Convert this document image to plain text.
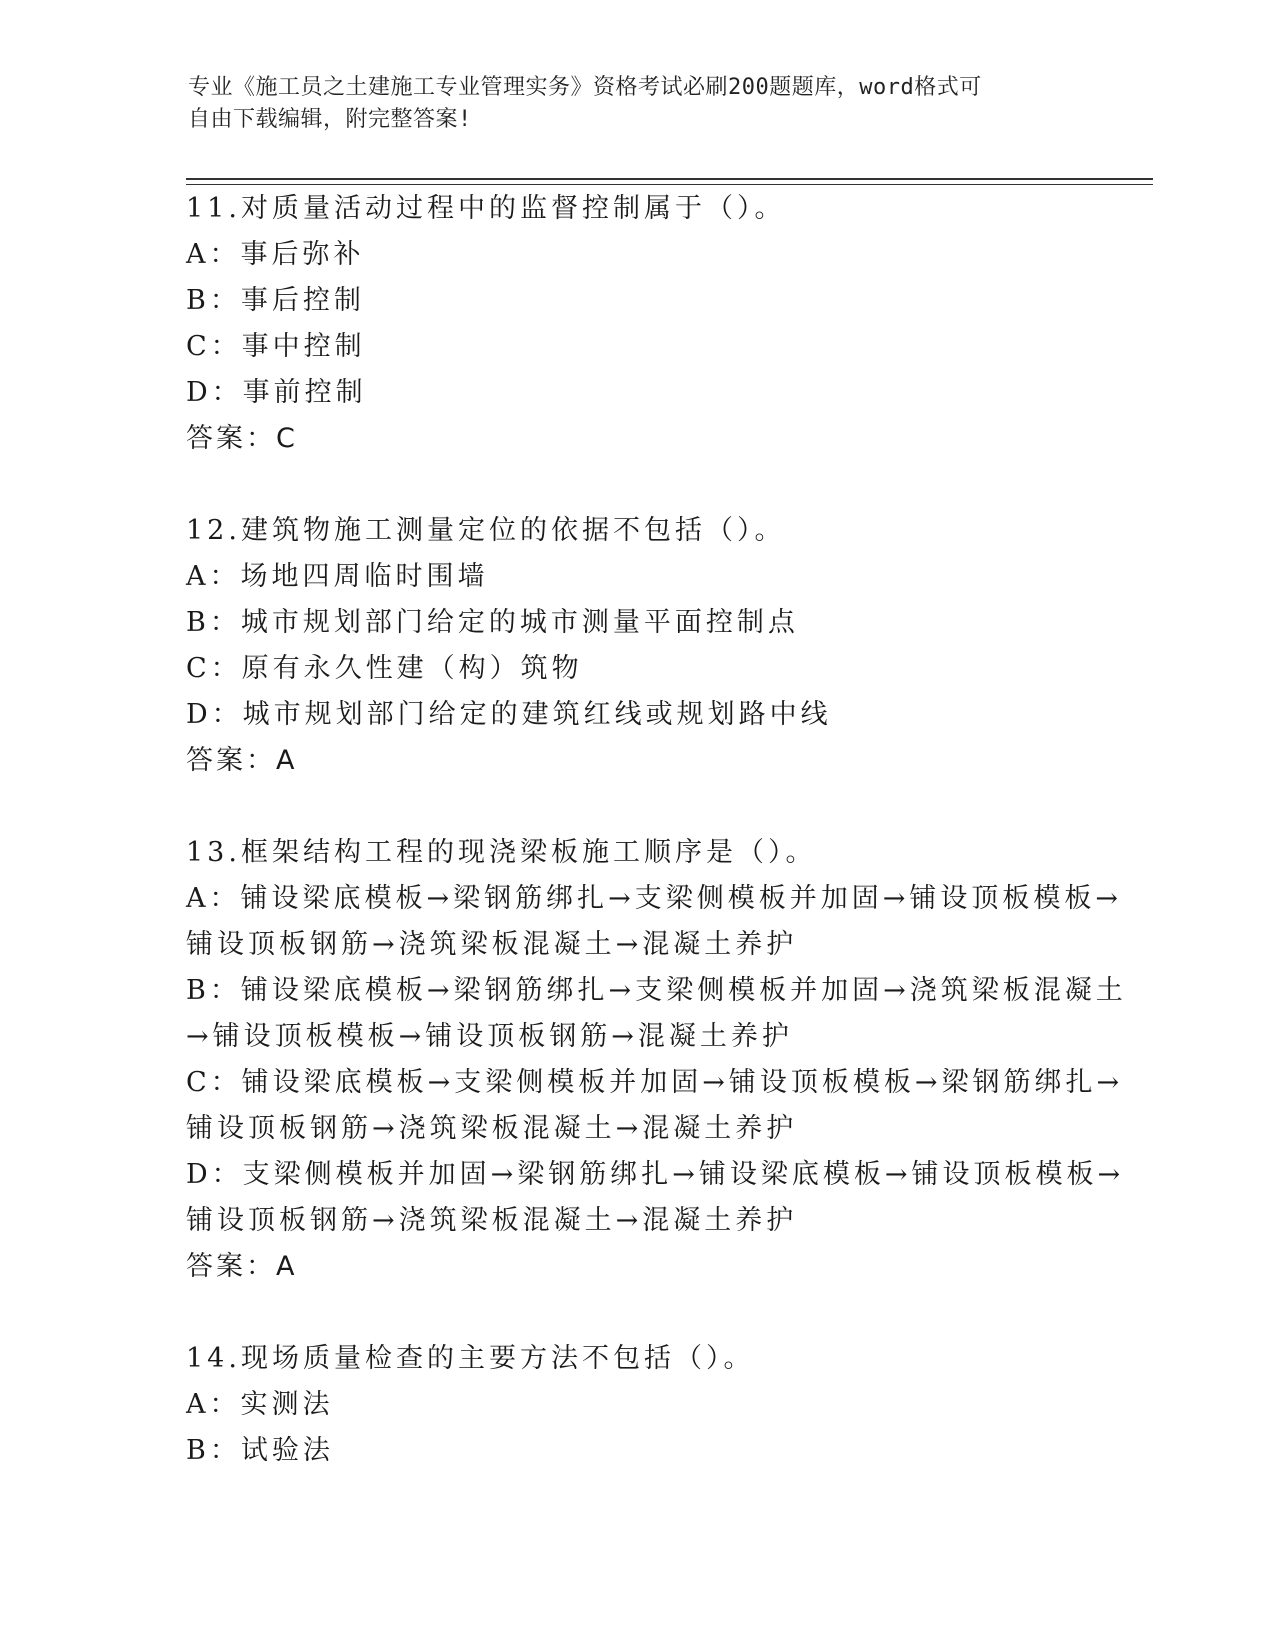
专业《施工员之土建施工专业管理实务》资格考试必刷200题题库，word格式可
自由下载编辑，附完整答案!
11.对质量活动过程中的监督控制属于（）。
A：事后弥补
B：事后控制
C：事中控制
D：事前控制
答案：C
12.建筑物施工测量定位的依据不包括（）。
A：场地四周临时围墙
B：城市规划部门给定的城市测量平面控制点
C：原有永久性建（构）筑物
D：城市规划部门给定的建筑红线或规划路中线
答案：A
13.框架结构工程的现浇梁板施工顺序是（）。
A：铺设梁底模板→梁钢筋绑扎→支梁侧模板并加固→铺设顶板模板→
铺设顶板钢筋→浇筑梁板混凝土→混凝土养护
B：铺设梁底模板→梁钢筋绑扎→支梁侧模板并加固→浇筑梁板混凝土
→铺设顶板模板→铺设顶板钢筋→混凝土养护
C：铺设梁底模板→支梁侧模板并加固→铺设顶板模板→梁钢筋绑扎→
铺设顶板钢筋→浇筑梁板混凝土→混凝土养护
D：支梁侧模板并加固→梁钢筋绑扎→铺设梁底模板→铺设顶板模板→
铺设顶板钢筋→浇筑梁板混凝土→混凝土养护
答案：A
14.现场质量检查的主要方法不包括（）。
A：实测法
B：试验法
